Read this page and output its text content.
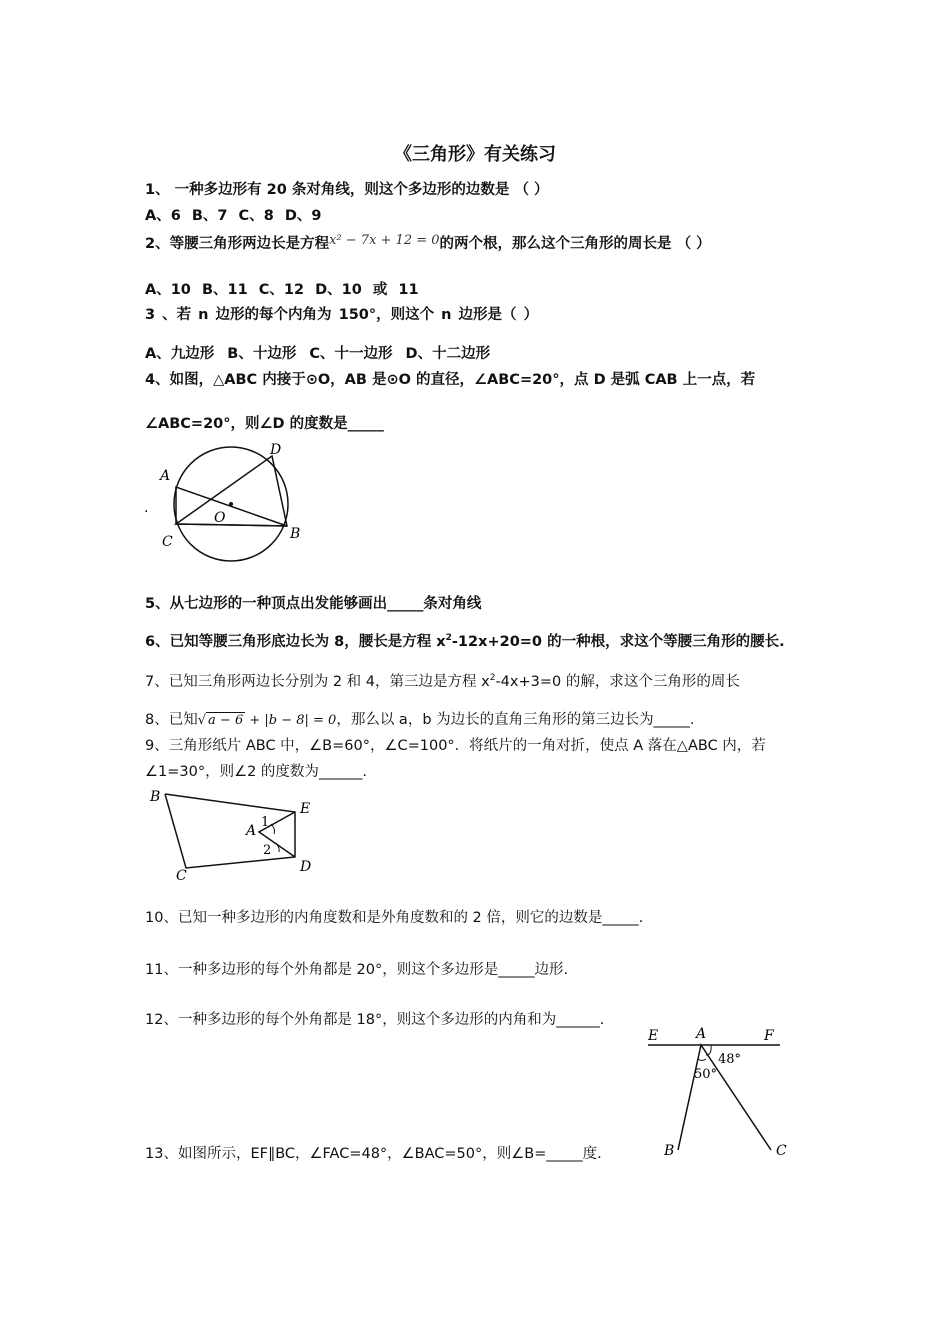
《三角形》有关练习
1、 一种多边形有 20 条对角线，则这个多边形的边数是 （ ）
A、6 B、7 C、8 D、9
2、等腰三角形两边长是方程x² − 7x + 12 = 0的两个根，那么这个三角形的周长是 （ ）
A、10 B、11 C、12 D、10 或 11
3 、若 n 边形的每个内角为 150°，则这个 n 边形是（ ）
A、九边形 B、十边形 C、十一边形 D、十二边形
4、如图，△ABC 内接于⊙O，AB 是⊙O 的直径，∠ABC=20°，点 D 是弧 CAB 上一点，若
∠ABC=20°，则∠D 的度数是_____
A
B
C
D
O
.
5、从七边形的一种顶点出发能够画出_____条对角线
6、已知等腰三角形底边长为 8，腰长是方程 $x^2-12x+20=0$ 的一种根，求这个等腰三角形的腰长.
7、已知三角形两边长分别为 2 和 4，第三边是方程 $x^2-4x+3=0$ 的解，求这个三角形的周长
8、已知√ a − 6 + |b − 8| = 0，那么以 a，b 为边长的直角三角形的第三边长为_____.
9、三角形纸片 ABC 中，∠B=60°，∠C=100°．将纸片的一角对折，使点 A 落在△ABC 内，若
∠1=30°，则∠2 的度数为______.
B
C
A
E
D
1
2
10、已知一种多边形的内角度数和是外角度数和的 2 倍，则它的边数是_____.
11、一种多边形的每个外角都是 20°，则这个多边形是_____边形.
12、一种多边形的每个外角都是 18°，则这个多边形的内角和为______.
E	A	F
B	C
48°
50°
13、如图所示，EF∥BC，∠FAC=48°，∠BAC=50°，则∠B=_____度.
